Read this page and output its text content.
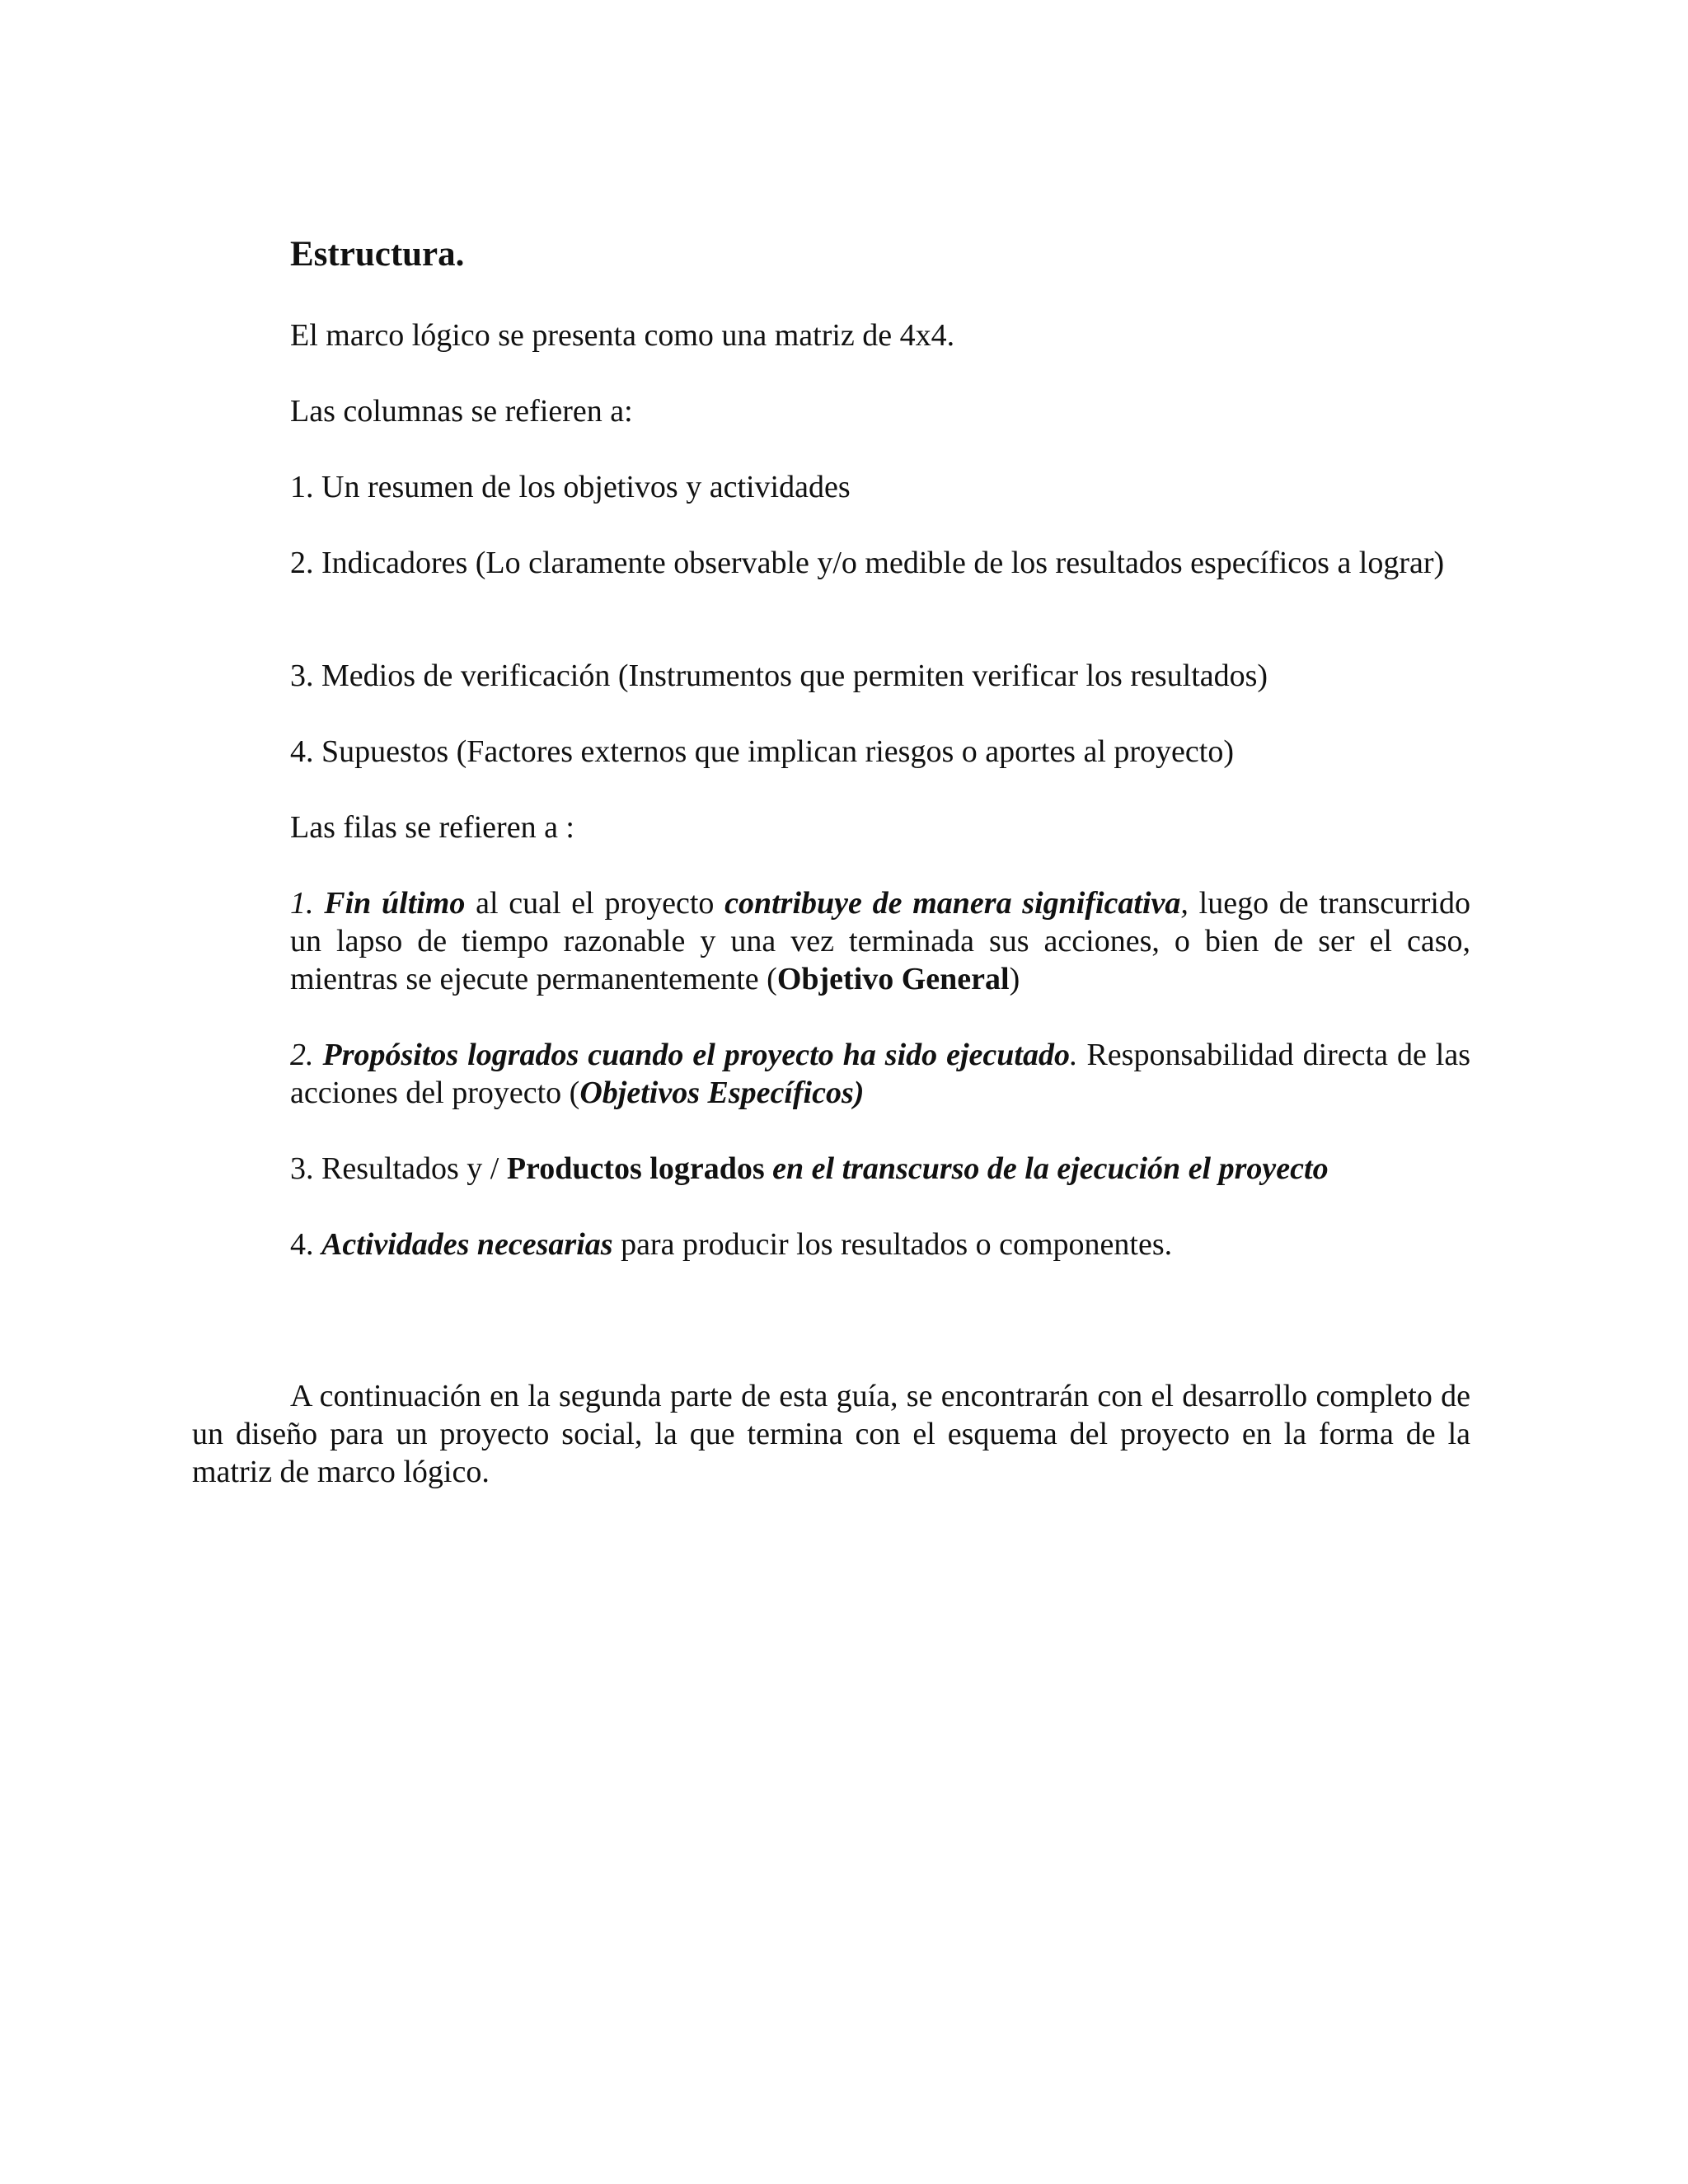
Estructura.

El marco lógico se presenta como una matriz de 4x4.

Las columnas se refieren a:

1. Un resumen de los objetivos y actividades

2. Indicadores (Lo claramente observable y/o medible de los resultados específicos a lograr)

3. Medios de verificación (Instrumentos que permiten verificar los resultados)

4. Supuestos (Factores externos que implican riesgos o aportes al proyecto)

Las filas se refieren a :

1. Fin último al cual el proyecto contribuye de manera significativa, luego de transcurrido un lapso de tiempo razonable y una vez terminada sus acciones, o bien de ser el caso, mientras se ejecute permanentemente (Objetivo General)

2. Propósitos logrados cuando el proyecto ha sido ejecutado. Responsabilidad directa de las acciones del proyecto (Objetivos Específicos)

3. Resultados y / Productos logrados en el transcurso de la ejecución el proyecto

4. Actividades necesarias para producir los resultados o componentes.

A continuación en la segunda parte de esta guía, se encontrarán con el desarrollo completo de un diseño para un proyecto social, la que termina con el esquema del proyecto en la forma de la matriz de marco lógico.
